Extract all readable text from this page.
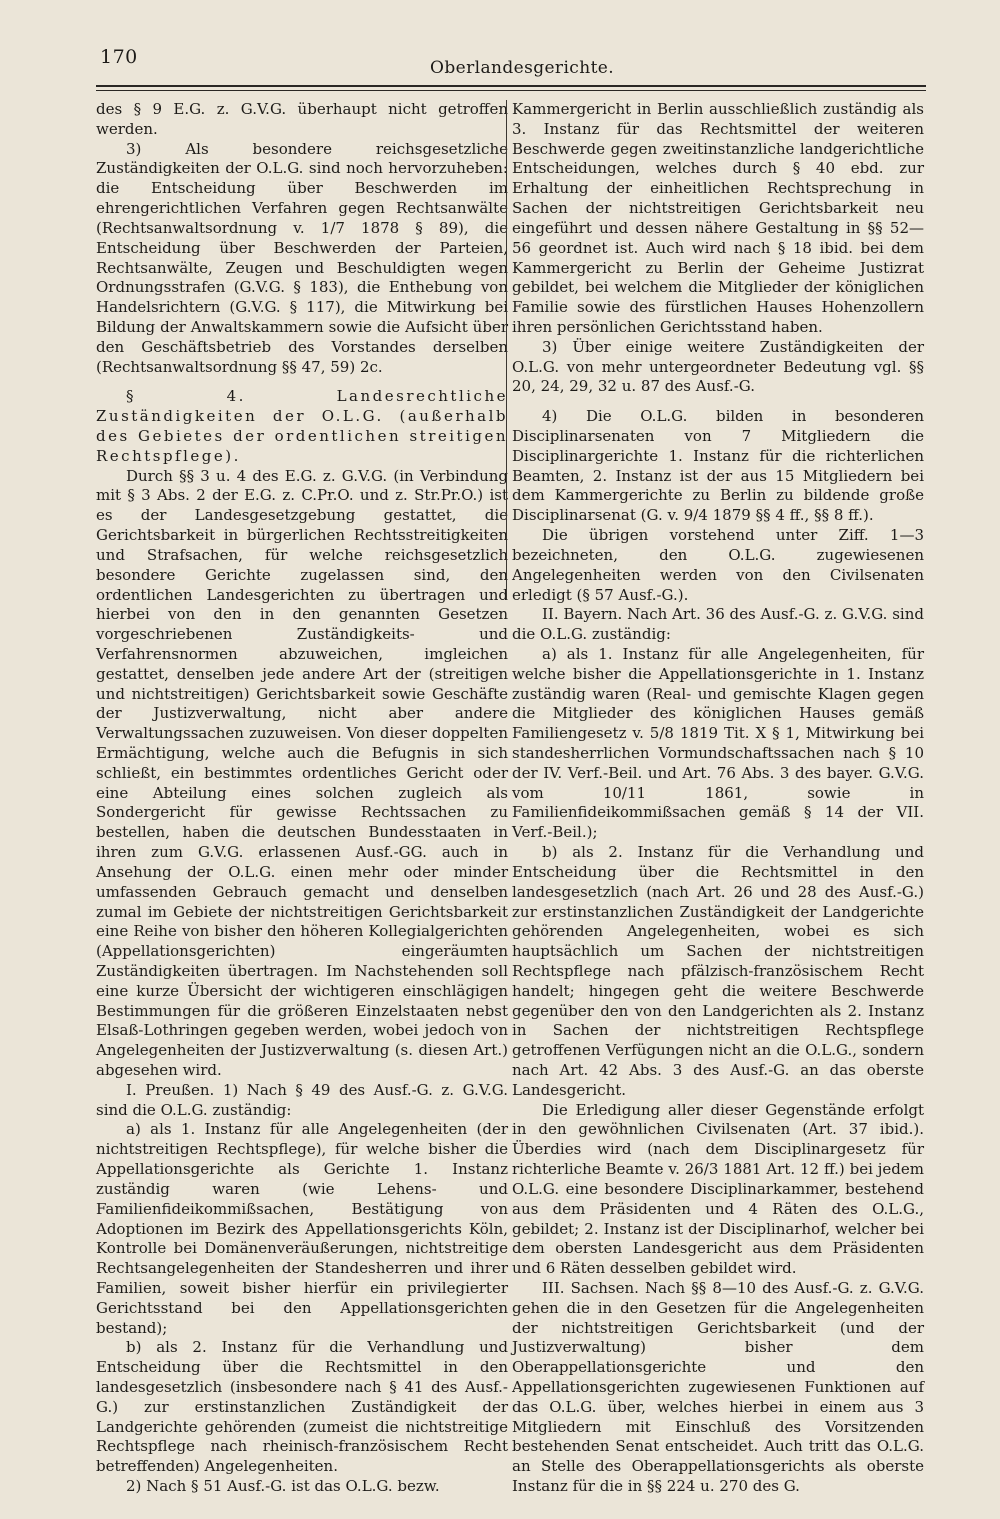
170	Oberlandesgerichte.

des § 9 E.G. z. G.V.G. überhaupt nicht getroffen werden.

3) Als besondere reichsgesetzliche Zuständigkeiten der O.L.G. sind noch hervorzuheben: die Entscheidung über Beschwerden im ehrengerichtlichen Verfahren gegen Rechtsanwälte (Rechtsanwaltsordnung v. 1/7 1878 § 89), die Entscheidung über Beschwerden der Parteien, Rechtsanwälte, Zeugen und Beschuldigten wegen Ordnungsstrafen (G.V.G. § 183), die Enthebung von Handelsrichtern (G.V.G. § 117), die Mitwirkung bei Bildung der Anwaltskammern sowie die Aufsicht über den Geschäftsbetrieb des Vorstandes derselben (Rechtsanwaltsordnung §§ 47, 59) 2c.

§ 4. Landesrechtliche Zuständigkeiten der O.L.G. (außerhalb des Gebietes der ordentlichen streitigen Rechtspflege).

Durch §§ 3 u. 4 des E.G. z. G.V.G. (in Verbindung mit § 3 Abs. 2 der E.G. z. C.Pr.O. und z. Str.Pr.O.) ist es der Landesgesetzgebung gestattet, die Gerichtsbarkeit in bürgerlichen Rechtsstreitigkeiten und Strafsachen, für welche reichsgesetzlich besondere Gerichte zugelassen sind, den ordentlichen Landesgerichten zu übertragen und hierbei von den in den genannten Gesetzen vorgeschriebenen Zuständigkeits- und Verfahrensnormen abzuweichen, imgleichen gestattet, denselben jede andere Art der (streitigen und nichtstreitigen) Gerichtsbarkeit sowie Geschäfte der Justizverwaltung, nicht aber andere Verwaltungssachen zuzuweisen. Von dieser doppelten Ermächtigung, welche auch die Befugnis in sich schließt, ein bestimmtes ordentliches Gericht oder eine Abteilung eines solchen zugleich als Sondergericht für gewisse Rechtssachen zu bestellen, haben die deutschen Bundesstaaten in ihren zum G.V.G. erlassenen Ausf.-GG. auch in Ansehung der O.L.G. einen mehr oder minder umfassenden Gebrauch gemacht und denselben zumal im Gebiete der nichtstreitigen Gerichtsbarkeit eine Reihe von bisher den höheren Kollegialgerichten (Appellationsgerichten) eingeräumten Zuständigkeiten übertragen. Im Nachstehenden soll eine kurze Übersicht der wichtigeren einschlägigen Bestimmungen für die größeren Einzelstaaten nebst Elsaß-Lothringen gegeben werden, wobei jedoch von Angelegenheiten der Justizverwaltung (s. diesen Art.) abgesehen wird.

I. Preußen. 1) Nach § 49 des Ausf.-G. z. G.V.G. sind die O.L.G. zuständig:

a) als 1. Instanz für alle Angelegenheiten (der nichtstreitigen Rechtspflege), für welche bisher die Appellationsgerichte als Gerichte 1. Instanz zuständig waren (wie Lehens- und Familienfideikommißsachen, Bestätigung von Adoptionen im Bezirk des Appellationsgerichts Köln, Kontrolle bei Domänenveräußerungen, nichtstreitige Rechtsangelegenheiten der Standesherren und ihrer Familien, soweit bisher hierfür ein privilegierter Gerichtsstand bei den Appellationsgerichten bestand);

b) als 2. Instanz für die Verhandlung und Entscheidung über die Rechtsmittel in den landesgesetzlich (insbesondere nach § 41 des Ausf.-G.) zur erstinstanzlichen Zuständigkeit der Landgerichte gehörenden (zumeist die nichtstreitige Rechtspflege nach rheinisch-französischem Recht betreffenden) Angelegenheiten.

2) Nach § 51 Ausf.-G. ist das O.L.G. bezw.

Kammergericht in Berlin ausschließlich zuständig als 3. Instanz für das Rechtsmittel der weiteren Beschwerde gegen zweitinstanzliche landgerichtliche Entscheidungen, welches durch § 40 ebd. zur Erhaltung der einheitlichen Rechtsprechung in Sachen der nichtstreitigen Gerichtsbarkeit neu eingeführt und dessen nähere Gestaltung in §§ 52—56 geordnet ist. Auch wird nach § 18 ibid. bei dem Kammergericht zu Berlin der Geheime Justizrat gebildet, bei welchem die Mitglieder der königlichen Familie sowie des fürstlichen Hauses Hohenzollern ihren persönlichen Gerichtsstand haben.

3) Über einige weitere Zuständigkeiten der O.L.G. von mehr untergeordneter Bedeutung vgl. §§ 20, 24, 29, 32 u. 87 des Ausf.-G.

4) Die O.L.G. bilden in besonderen Disciplinarsenaten von 7 Mitgliedern die Disciplinargerichte 1. Instanz für die richterlichen Beamten, 2. Instanz ist der aus 15 Mitgliedern bei dem Kammergerichte zu Berlin zu bildende große Disciplinarsenat (G. v. 9/4 1879 §§ 4 ff., §§ 8 ff.).

Die übrigen vorstehend unter Ziff. 1—3 bezeichneten, den O.L.G. zugewiesenen Angelegenheiten werden von den Civilsenaten erledigt (§ 57 Ausf.-G.).

II. Bayern. Nach Art. 36 des Ausf.-G. z. G.V.G. sind die O.L.G. zuständig:

a) als 1. Instanz für alle Angelegenheiten, für welche bisher die Appellationsgerichte in 1. Instanz zuständig waren (Real- und gemischte Klagen gegen die Mitglieder des königlichen Hauses gemäß Familiengesetz v. 5/8 1819 Tit. X § 1, Mitwirkung bei standesherrlichen Vormundschaftssachen nach § 10 der IV. Verf.-Beil. und Art. 76 Abs. 3 des bayer. G.V.G. vom 10/11 1861, sowie in Familienfideikommißsachen gemäß § 14 der VII. Verf.-Beil.);

b) als 2. Instanz für die Verhandlung und Entscheidung über die Rechtsmittel in den landesgesetzlich (nach Art. 26 und 28 des Ausf.-G.) zur erstinstanzlichen Zuständigkeit der Landgerichte gehörenden Angelegenheiten, wobei es sich hauptsächlich um Sachen der nichtstreitigen Rechtspflege nach pfälzisch-französischem Recht handelt; hingegen geht die weitere Beschwerde gegenüber den von den Landgerichten als 2. Instanz in Sachen der nichtstreitigen Rechtspflege getroffenen Verfügungen nicht an die O.L.G., sondern nach Art. 42 Abs. 3 des Ausf.-G. an das oberste Landesgericht.

Die Erledigung aller dieser Gegenstände erfolgt in den gewöhnlichen Civilsenaten (Art. 37 ibid.). Überdies wird (nach dem Disciplinargesetz für richterliche Beamte v. 26/3 1881 Art. 12 ff.) bei jedem O.L.G. eine besondere Disciplinarkammer, bestehend aus dem Präsidenten und 4 Räten des O.L.G., gebildet; 2. Instanz ist der Disciplinarhof, welcher bei dem obersten Landesgericht aus dem Präsidenten und 6 Räten desselben gebildet wird.

III. Sachsen. Nach §§ 8—10 des Ausf.-G. z. G.V.G. gehen die in den Gesetzen für die Angelegenheiten der nichtstreitigen Gerichtsbarkeit (und der Justizverwaltung) bisher dem Oberappellationsgerichte und den Appellationsgerichten zugewiesenen Funktionen auf das O.L.G. über, welches hierbei in einem aus 3 Mitgliedern mit Einschluß des Vorsitzenden bestehenden Senat entscheidet. Auch tritt das O.L.G. an Stelle des Oberappellationsgerichts als oberste Instanz für die in §§ 224 u. 270 des G.
